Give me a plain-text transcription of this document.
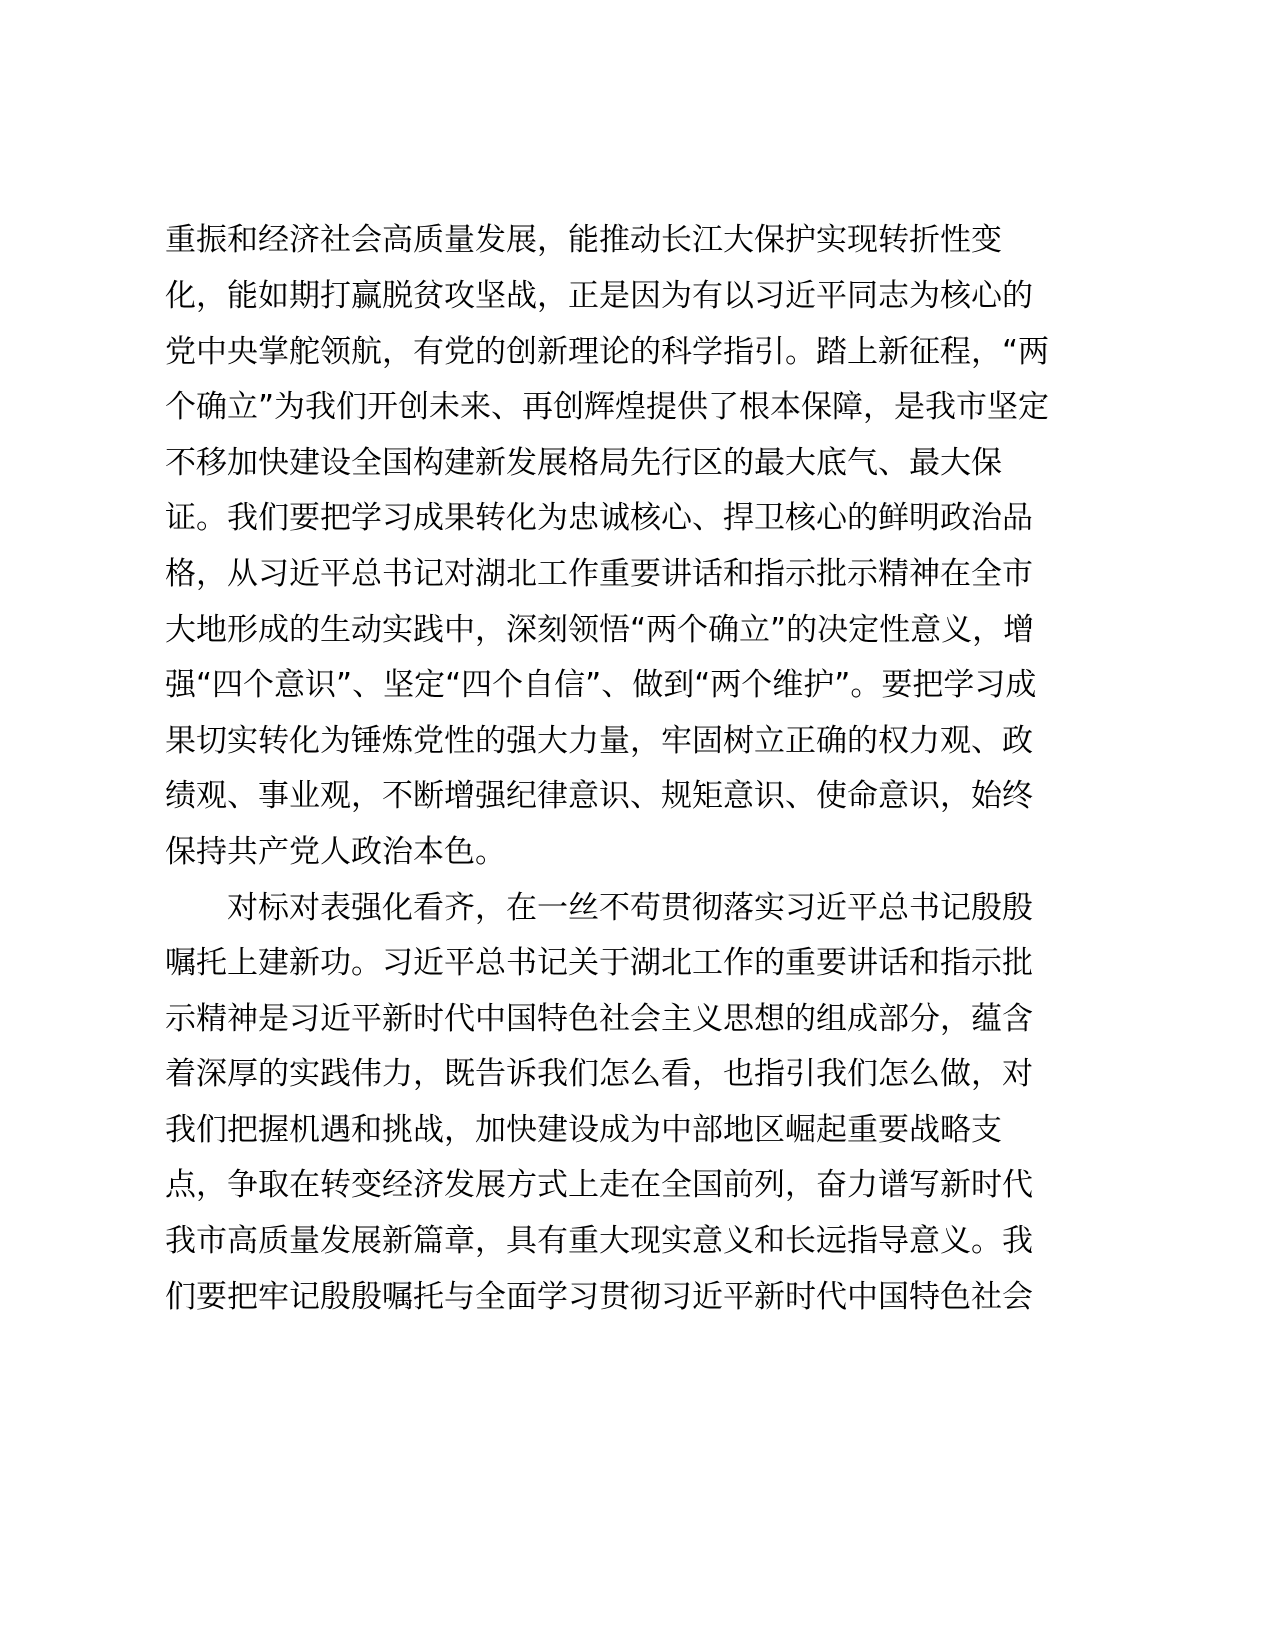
重振和经济社会高质量发展，能推动长江大保护实现转折性变
化，能如期打赢脱贫攻坚战，正是因为有以习近平同志为核心的
党中央掌舵领航，有党的创新理论的科学指引。踏上新征程，“两
个确立”为我们开创未来、再创辉煌提供了根本保障，是我市坚定
不移加快建设全国构建新发展格局先行区的最大底气、最大保
证。我们要把学习成果转化为忠诚核心、捍卫核心的鲜明政治品
格，从习近平总书记对湖北工作重要讲话和指示批示精神在全市
大地形成的生动实践中，深刻领悟“两个确立”的决定性意义，增
强“四个意识”、坚定“四个自信”、做到“两个维护”。要把学习成
果切实转化为锤炼党性的强大力量，牢固树立正确的权力观、政
绩观、事业观，不断增强纪律意识、规矩意识、使命意识，始终
保持共产党人政治本色。
对标对表强化看齐，在一丝不苟贯彻落实习近平总书记殷殷
嘱托上建新功。习近平总书记关于湖北工作的重要讲话和指示批
示精神是习近平新时代中国特色社会主义思想的组成部分，蕴含
着深厚的实践伟力，既告诉我们怎么看，也指引我们怎么做，对
我们把握机遇和挑战，加快建设成为中部地区崛起重要战略支
点，争取在转变经济发展方式上走在全国前列，奋力谱写新时代
我市高质量发展新篇章，具有重大现实意义和长远指导意义。我
们要把牢记殷殷嘱托与全面学习贯彻习近平新时代中国特色社会
